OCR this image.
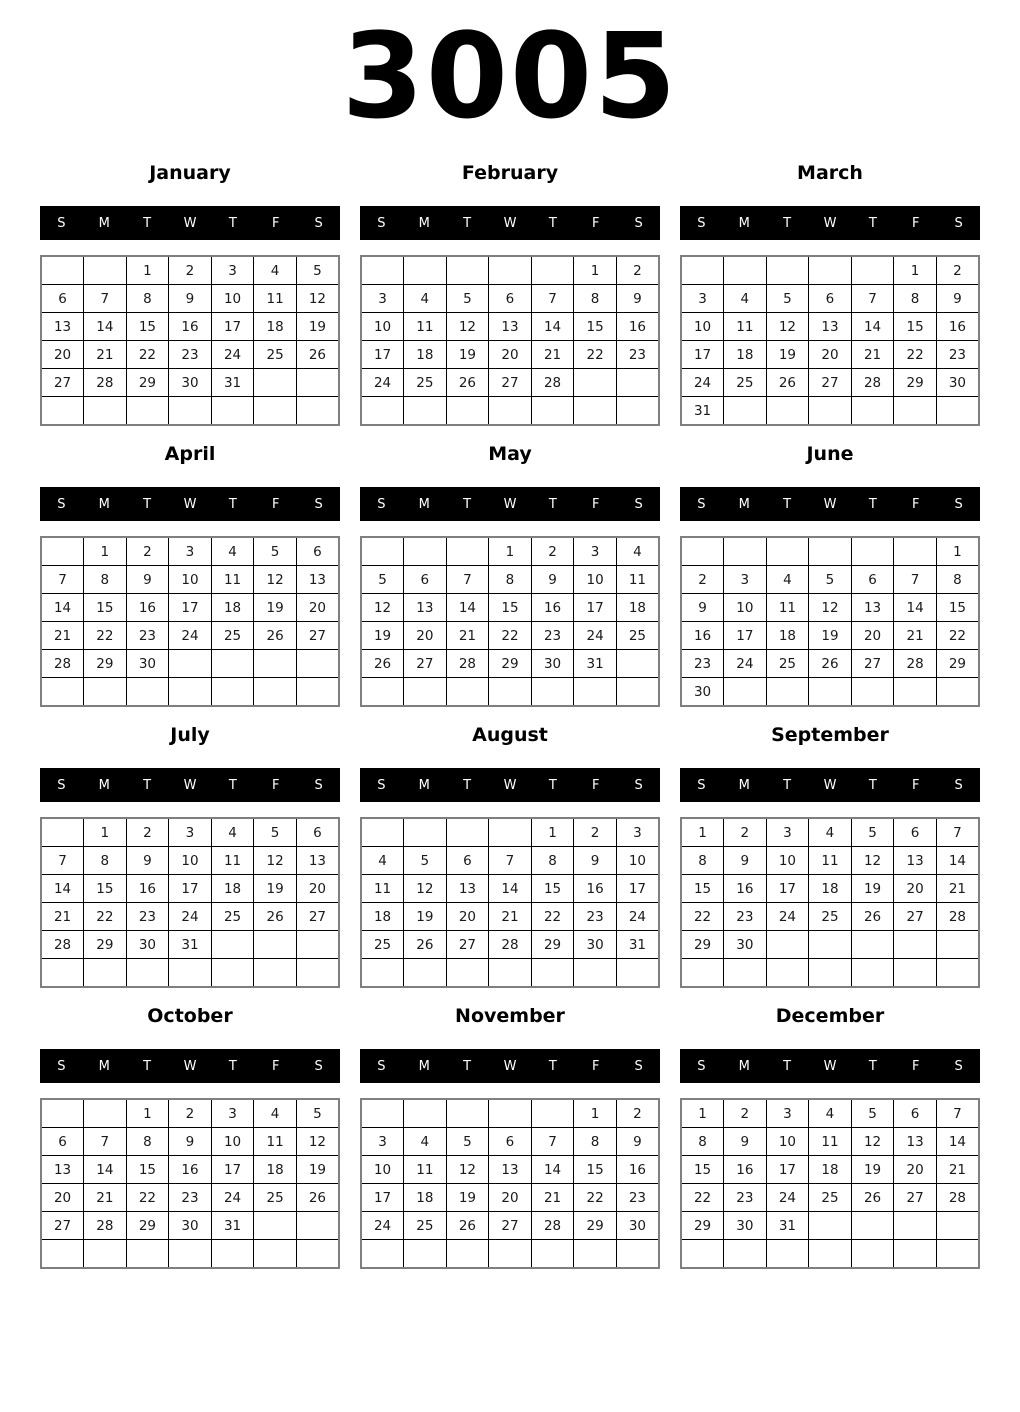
3005
January
S	M	T	W	T	F	S
		1	2	3	4	5
6	7	8	9	10	11	12
13	14	15	16	17	18	19
20	21	22	23	24	25	26
27	28	29	30	31		

February
S	M	T	W	T	F	S
					1	2
3	4	5	6	7	8	9
10	11	12	13	14	15	16
17	18	19	20	21	22	23
24	25	26	27	28		

March
S	M	T	W	T	F	S
					1	2
3	4	5	6	7	8	9
10	11	12	13	14	15	16
17	18	19	20	21	22	23
24	25	26	27	28	29	30
31						
April
S	M	T	W	T	F	S
	1	2	3	4	5	6
7	8	9	10	11	12	13
14	15	16	17	18	19	20
21	22	23	24	25	26	27
28	29	30				

May
S	M	T	W	T	F	S
			1	2	3	4
5	6	7	8	9	10	11
12	13	14	15	16	17	18
19	20	21	22	23	24	25
26	27	28	29	30	31	

June
S	M	T	W	T	F	S
						1
2	3	4	5	6	7	8
9	10	11	12	13	14	15
16	17	18	19	20	21	22
23	24	25	26	27	28	29
30						
July
S	M	T	W	T	F	S
	1	2	3	4	5	6
7	8	9	10	11	12	13
14	15	16	17	18	19	20
21	22	23	24	25	26	27
28	29	30	31			

August
S	M	T	W	T	F	S
				1	2	3
4	5	6	7	8	9	10
11	12	13	14	15	16	17
18	19	20	21	22	23	24
25	26	27	28	29	30	31

September
S	M	T	W	T	F	S
1	2	3	4	5	6	7
8	9	10	11	12	13	14
15	16	17	18	19	20	21
22	23	24	25	26	27	28
29	30					

October
S	M	T	W	T	F	S
		1	2	3	4	5
6	7	8	9	10	11	12
13	14	15	16	17	18	19
20	21	22	23	24	25	26
27	28	29	30	31		

November
S	M	T	W	T	F	S
					1	2
3	4	5	6	7	8	9
10	11	12	13	14	15	16
17	18	19	20	21	22	23
24	25	26	27	28	29	30

December
S	M	T	W	T	F	S
1	2	3	4	5	6	7
8	9	10	11	12	13	14
15	16	17	18	19	20	21
22	23	24	25	26	27	28
29	30	31				
